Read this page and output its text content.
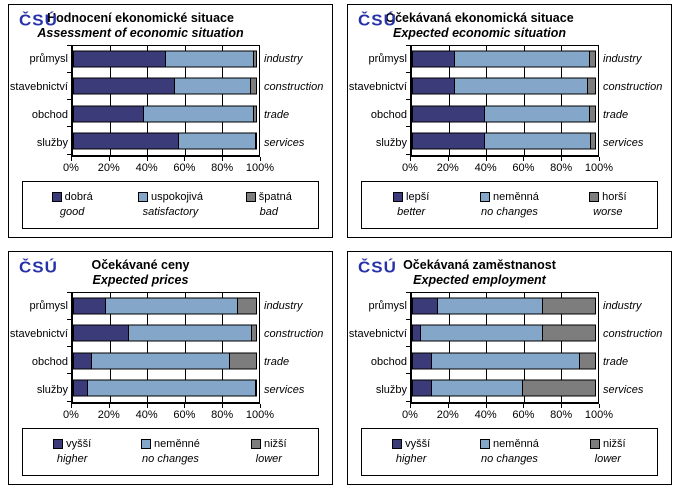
ČSÚ
Hodnocení ekonomické situace
Assessment of economic situation
průmysl
stavebnictví
obchod
služby
industry
construction
trade
services
0% 20% 40% 60% 80% 100%
dobrá
good
uspokojivá
satisfactory
špatná
bad
ČSÚ
Očekávaná ekonomická situace
Expected economic situation
průmysl
stavebnictví
obchod
služby
industry
construction
trade
services
0% 20% 40% 60% 80% 100%
lepší
better
neměnná
no changes
horší
worse
ČSÚ	Očekávané ceny
Expected prices
průmysl
stavebnictví
obchod
služby
industry
construction
trade
services
0% 20% 40% 60% 80% 100%
vyšší
higher
neměnné
no changes
nižší
lower
ČSÚ Očekávaná zaměstnanost
Expected employment
průmysl
stavebnictví
obchod
služby
industry
construction
trade
services
0% 20% 40% 60% 80% 100%
vyšší
higher
neměnná
no changes
nižší
lower
